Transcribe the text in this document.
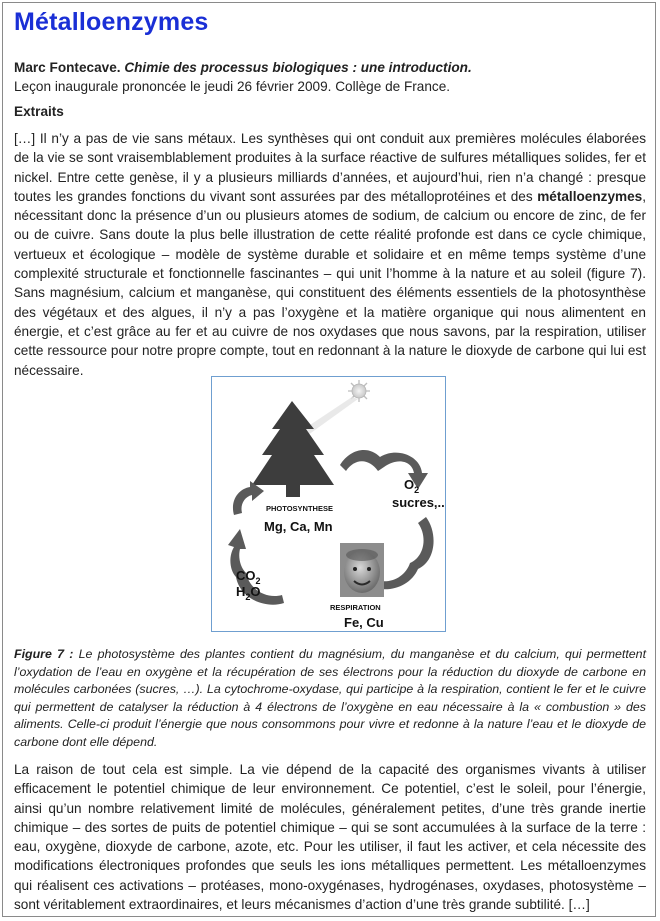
Métalloenzymes
Marc Fontecave. Chimie des processus biologiques : une introduction.
Leçon inaugurale prononcée le jeudi 26 février 2009. Collège de France.
Extraits

[…] Il n’y a pas de vie sans métaux. Les synthèses qui ont conduit aux premières molécules élaborées de la vie se sont vraisemblablement produites à la surface réactive de sulfures métalliques solides, fer et nickel. Entre cette genèse, il y a plusieurs milliards d’années, et aujourd’hui, rien n’a changé : presque toutes les grandes fonctions du vivant sont assurées par des métalloprotéines et des métalloenzymes, nécessitant donc la présence d’un ou plusieurs atomes de sodium, de calcium ou encore de zinc, de fer ou de cuivre. Sans doute la plus belle illustration de cette réalité profonde est dans ce cycle chimique, vertueux et écologique – modèle de système durable et solidaire et en même temps système d’une complexité structurale et fonctionnelle fascinantes – qui unit l’homme à la nature et au soleil (figure 7). Sans magnésium, calcium et manganèse, qui constituent des éléments essentiels de la photosynthèse des végétaux et des algues, il n’y a pas l’oxygène et la matière organique qui nous alimentent en énergie, et c’est grâce au fer et au cuivre de nos oxydases que nous savons, par la respiration, utiliser cette ressource pour notre propre compte, tout en redonnant à la nature le dioxyde de carbone qui lui est nécessaire.

PHOTOSYNTHESE
Mg, Ca, Mn
$O_2$
sucres,..
$CO_2$
$H_2O$
RESPIRATION
Fe, Cu

Figure 7 : Le photosystème des plantes contient du magnésium, du manganèse et du calcium, qui permettent l’oxydation de l’eau en oxygène et la récupération de ses électrons pour la réduction du dioxyde de carbone en molécules carbonées (sucres, …). La cytochrome-oxydase, qui participe à la respiration, contient le fer et le cuivre qui permettent de catalyser la réduction à 4 électrons de l’oxygène en eau nécessaire à la « combustion » des aliments. Celle-ci produit l’énergie que nous consommons pour vivre et redonne à la nature l’eau et le dioxyde de carbone dont elle dépend.

La raison de tout cela est simple. La vie dépend de la capacité des organismes vivants à utiliser efficacement le potentiel chimique de leur environnement. Ce potentiel, c’est le soleil, pour l’énergie, ainsi qu’un nombre relativement limité de molécules, généralement petites, d’une très grande inertie chimique – des sortes de puits de potentiel chimique – qui se sont accumulées à la surface de la terre : eau, oxygène, dioxyde de carbone, azote, etc. Pour les utiliser, il faut les activer, et cela nécessite des modifications électroniques profondes que seuls les ions métalliques permettent. Les métalloenzymes qui réalisent ces activations – protéases, mono-oxygénases, hydrogénases, oxydases, photosystème – sont véritablement extraordinaires, et leurs mécanismes d’action d’une très grande subtilité. […]
